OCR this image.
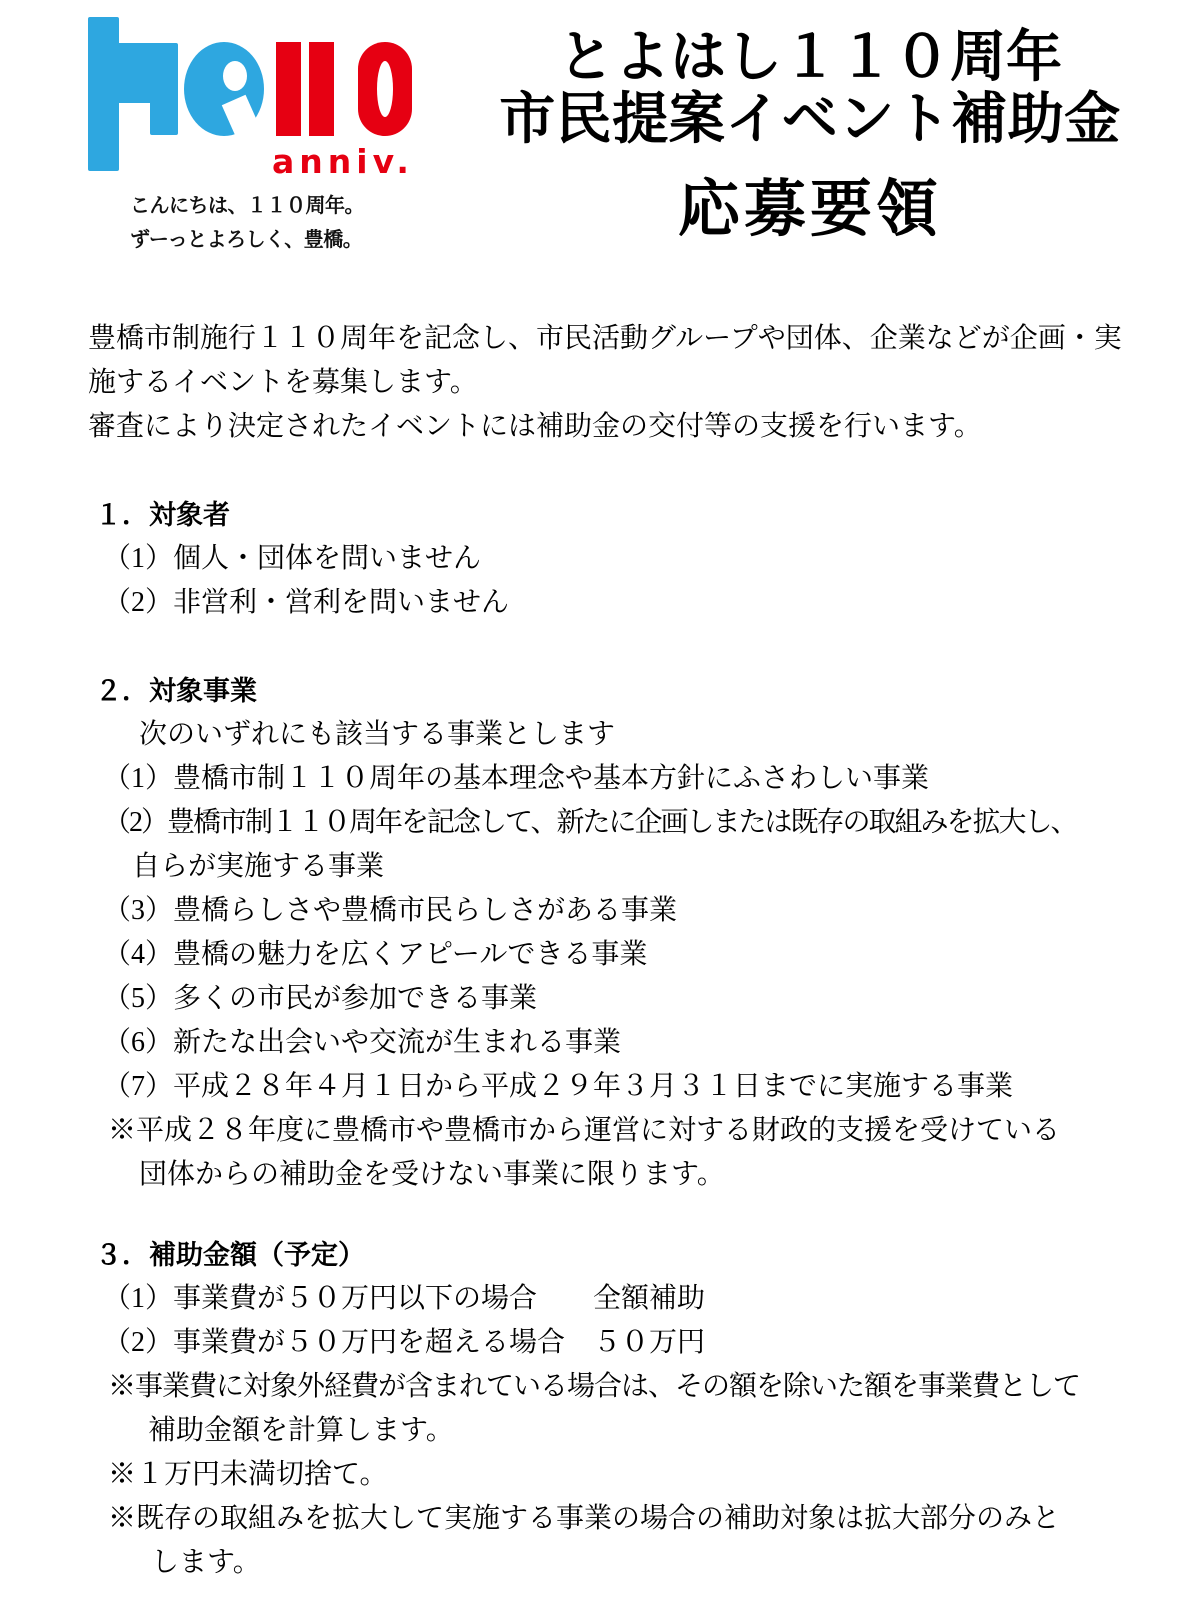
anniv.
こんにちは、１１０周年。
ずーっとよろしく、豊橋。
とよはし１１０周年
市民提案イベント補助金
応募要領
豊橋市制施行１１０周年を記念し、市民活動グループや団体、企業などが企画・実
施するイベントを募集します。
審査により決定されたイベントには補助金の交付等の支援を行います。
１．対象者
（1）個人・団体を問いません
（2）非営利・営利を問いません
２．対象事業
次のいずれにも該当する事業とします
（1）豊橋市制１１０周年の基本理念や基本方針にふさわしい事業
（2）豊橋市制１１０周年を記念して、新たに企画しまたは既存の取組みを拡大し、
自らが実施する事業
（3）豊橋らしさや豊橋市民らしさがある事業
（4）豊橋の魅力を広くアピールできる事業
（5）多くの市民が参加できる事業
（6）新たな出会いや交流が生まれる事業
（7）平成２８年４月１日から平成２９年３月３１日までに実施する事業
※平成２８年度に豊橋市や豊橋市から運営に対する財政的支援を受けている
団体からの補助金を受けない事業に限ります。
３．補助金額（予定）
（1）事業費が５０万円以下の場合　　全額補助
（2）事業費が５０万円を超える場合　５０万円
※事業費に対象外経費が含まれている場合は、その額を除いた額を事業費として
補助金額を計算します。
※１万円未満切捨て。
※既存の取組みを拡大して実施する事業の場合の補助対象は拡大部分のみと
します。
